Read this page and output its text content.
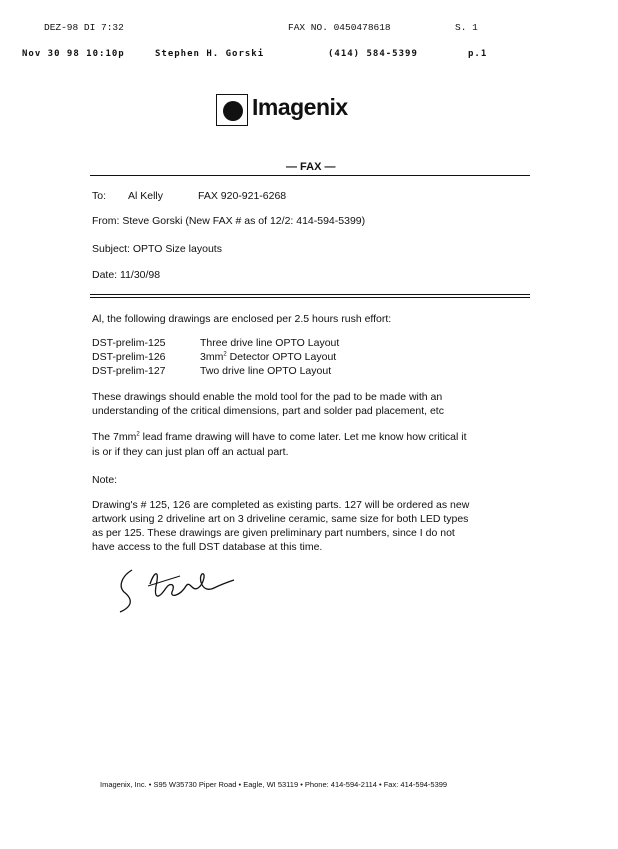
DEZ-98 DI 7:32	FAX NO. 0450478618	S. 1
Nov 30 98 10:10p	Stephen H. Gorski	(414) 584-5399	p.1
Imagenix
— FAX —
To: Al Kelly	FAX 920-921-6268
From: Steve Gorski (New FAX # as of 12/2: 414-594-5399)
Subject: OPTO Size layouts
Date: 11/30/98
Al, the following drawings are enclosed per 2.5 hours rush effort:
DST-prelim-125	Three drive line OPTO Layout
DST-prelim-126	$3mm^2$ Detector OPTO Layout
DST-prelim-127	Two drive line OPTO Layout
These drawings should enable the mold tool for the pad to be made with an
understanding of the critical dimensions, part and solder pad placement, etc
The $7mm^2$ lead frame drawing will have to come later. Let me know how critical it
is or if they can just plan off an actual part.
Note:
Drawing's # 125, 126 are completed as existing parts. 127 will be ordered as new
artwork using 2 driveline art on 3 driveline ceramic, same size for both LED types
as per 125. These drawings are given preliminary part numbers, since I do not
have access to the full DST database at this time.
Imagenix, Inc. • S95 W35730 Piper Road • Eagle, WI 53119 • Phone: 414-594-2114 • Fax: 414-594-5399
